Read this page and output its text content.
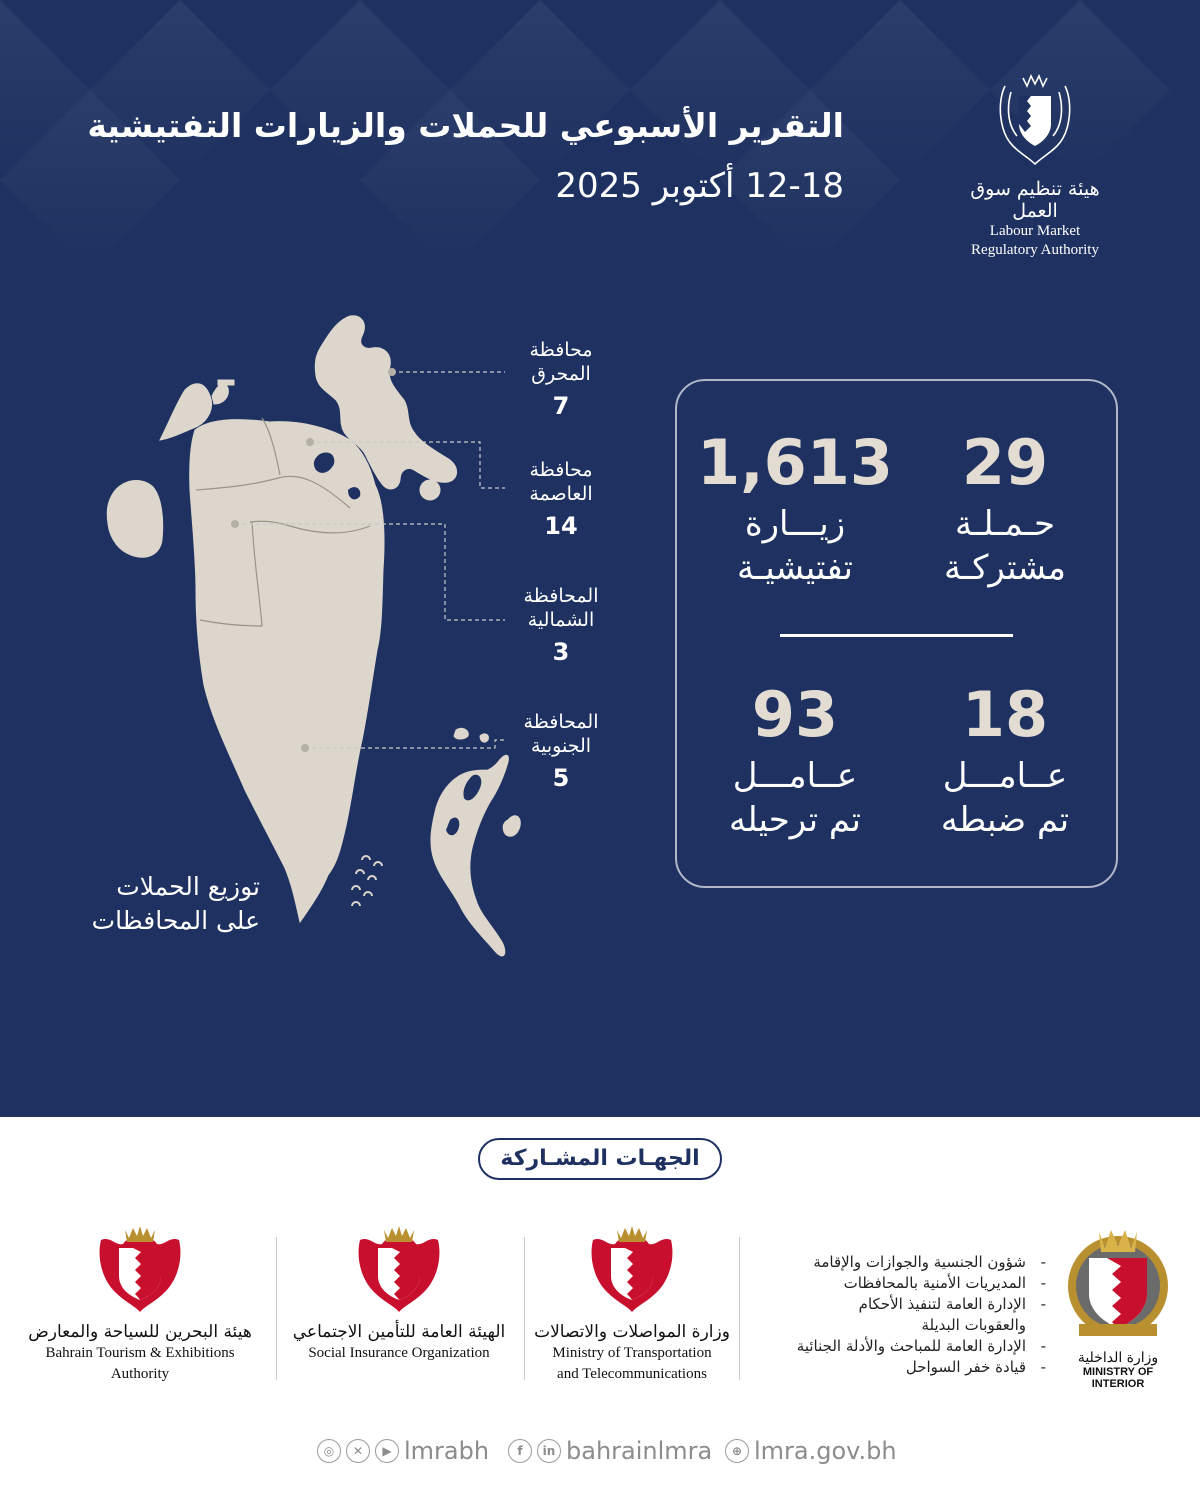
التقرير الأسبوعي للحملات والزيارات التفتيشية
12-18 أكتوبر 2025	هيئة تنظيم سوق العمل
Labour Market
Regulatory Authority
محافظة
المحرق
7
محافظة
العاصمة
14
المحافظة
الشمالية
3
المحافظة
الجنوبية
5
توزيع الحملات
على المحافظات
29
حـمـلـة
مشتركـة
1,613
زيـــارة
تفتيشيـة
18
عــامـــل
تم ضبطه
93
عــامـــل
تم ترحيله
الجهـات المشـاركة
هيئة البحرين للسياحة والمعارض
Bahrain Tourism & Exhibitions
Authority
الهيئة العامة للتأمين الاجتماعي
Social Insurance Organization
وزارة المواصلات والاتصالات
Ministry of Transportation
and Telecommunications
- شؤون الجنسية والجوازات والإقامة
- المديريات الأمنية بالمحافظات
- الإدارة العامة لتنفيذ الأحكام
والعقوبات البديلة
- الإدارة العامة للمباحث والأدلة الجنائية
- قيادة خفر السواحل	وزارة الداخلية
MINISTRY OF INTERIOR
◎	✕	▶ lmrabh	f	in bahrainlmra	⊕ lmra.gov.bh
